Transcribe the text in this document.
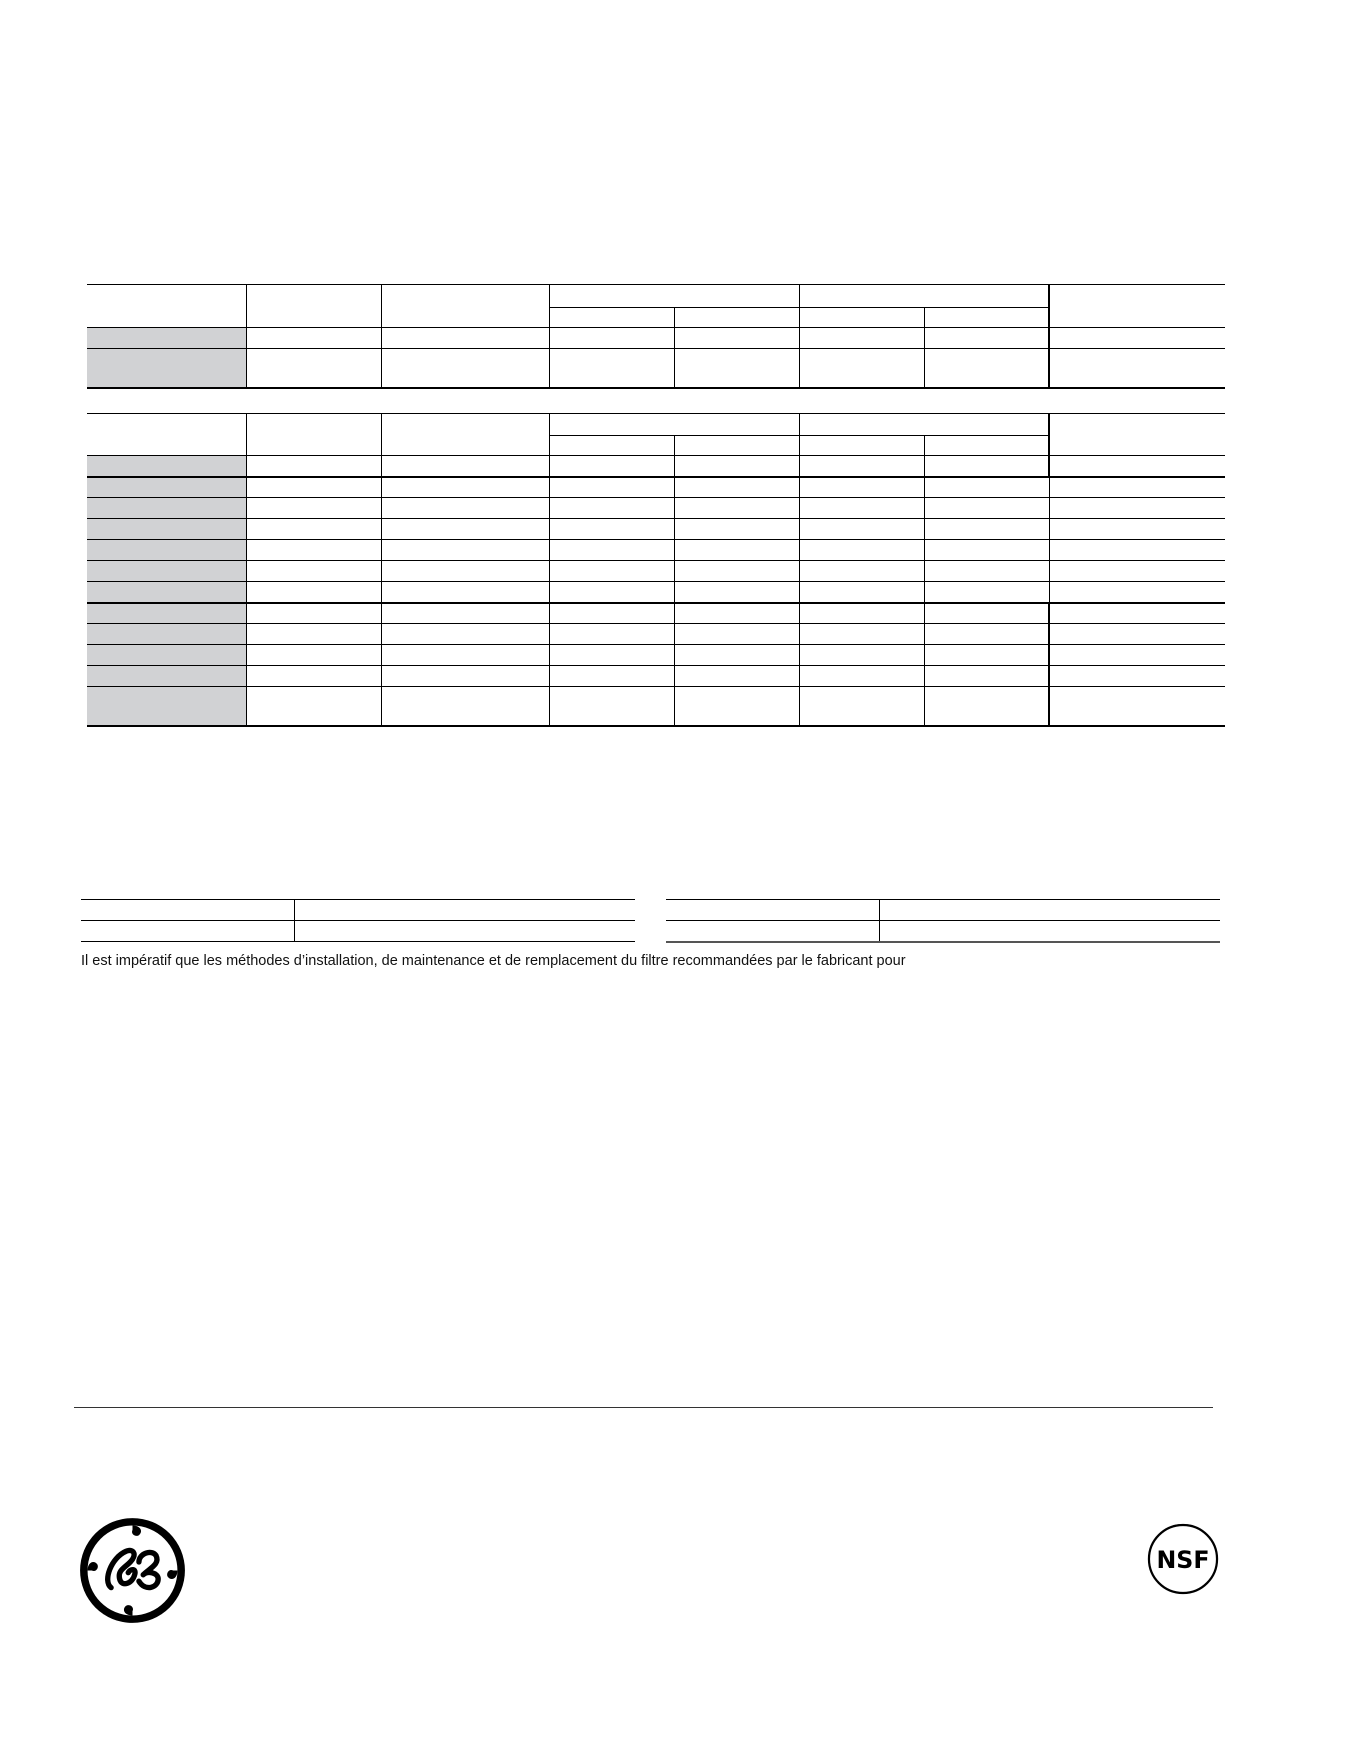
Il est impératif que les méthodes d’installation, de maintenance et de remplacement du filtre recommandées par le fabricant pour
NSF
